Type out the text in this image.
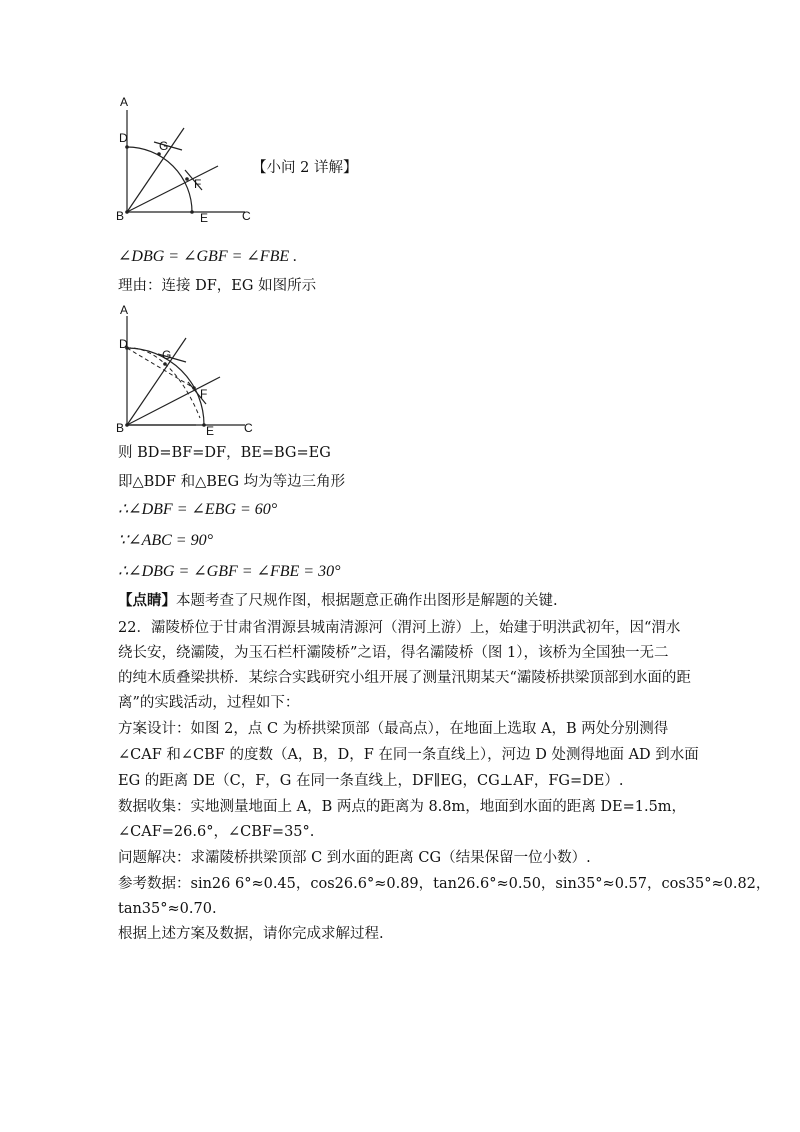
A
D
G
F
B	E	C
【小问 2 详解】
∠DBG = ∠GBF = ∠FBE .
理由：连接 DF，EG 如图所示
A
D
G
F
B	E C
则 BD=BF=DF，BE=BG=EG
即△BDF 和△BEG 均为等边三角形
∴∠DBF = ∠EBG = 60°
∵∠ABC = 90°
∴∠DBG = ∠GBF = ∠FBE = 30°
【点睛】本题考查了尺规作图，根据题意正确作出图形是解题的关键.
22．灞陵桥位于甘肃省渭源县城南清源河（渭河上游）上，始建于明洪武初年，因“渭水
绕长安，绕灞陵，为玉石栏杆灞陵桥”之语，得名灞陵桥（图 1），该桥为全国独一无二
的纯木质叠梁拱桥．某综合实践研究小组开展了测量汛期某天“灞陵桥拱梁顶部到水面的距
离”的实践活动，过程如下：
方案设计：如图 2，点 C 为桥拱梁顶部（最高点），在地面上选取 A，B 两处分别测得
∠CAF 和∠CBF 的度数（A，B，D，F 在同一条直线上），河边 D 处测得地面 AD 到水面
EG 的距离 DE（C，F，G 在同一条直线上，DF∥EG，CG⊥AF，FG=DE）.
数据收集：实地测量地面上 A，B 两点的距离为 8.8m，地面到水面的距离 DE=1.5m，
∠CAF=26.6°，∠CBF=35°.
问题解决：求灞陵桥拱梁顶部 C 到水面的距离 CG（结果保留一位小数）.
参考数据：sin26 6°≈0.45，cos26.6°≈0.89，tan26.6°≈0.50，sin35°≈0.57，cos35°≈0.82，
tan35°≈0.70.
根据上述方案及数据，请你完成求解过程.
